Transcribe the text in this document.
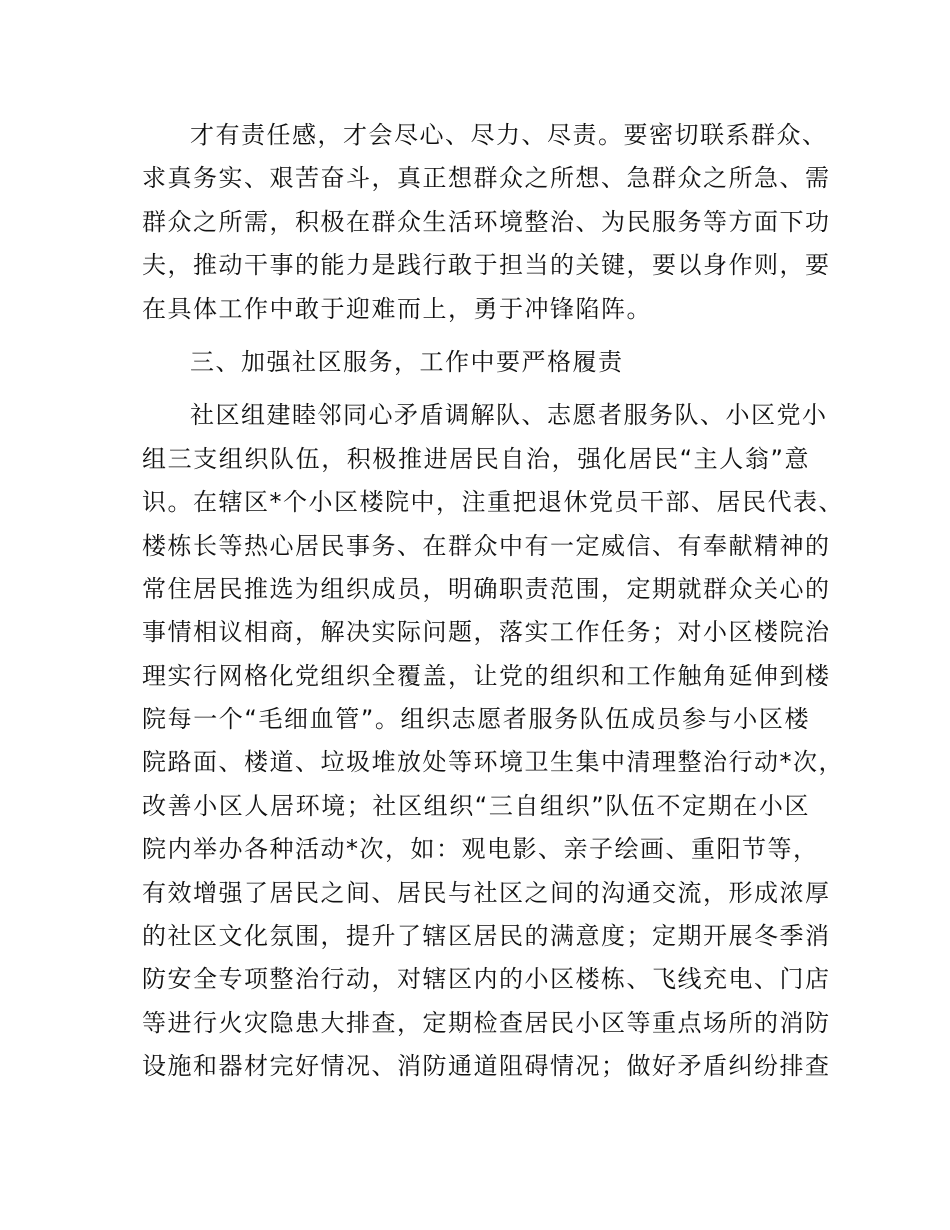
才有责任感，才会尽心、尽力、尽责。要密切联系群众、
求真务实、艰苦奋斗，真正想群众之所想、急群众之所急、需
群众之所需，积极在群众生活环境整治、为民服务等方面下功
夫，推动干事的能力是践行敢于担当的关键，要以身作则，要
在具体工作中敢于迎难而上，勇于冲锋陷阵。
三、加强社区服务，工作中要严格履责
社区组建睦邻同心矛盾调解队、志愿者服务队、小区党小
组三支组织队伍，积极推进居民自治，强化居民“主人翁”意
识。在辖区*个小区楼院中，注重把退休党员干部、居民代表、
楼栋长等热心居民事务、在群众中有一定威信、有奉献精神的
常住居民推选为组织成员，明确职责范围，定期就群众关心的
事情相议相商，解决实际问题，落实工作任务；对小区楼院治
理实行网格化党组织全覆盖，让党的组织和工作触角延伸到楼
院每一个“毛细血管”。组织志愿者服务队伍成员参与小区楼
院路面、楼道、垃圾堆放处等环境卫生集中清理整治行动*次，
改善小区人居环境；社区组织“三自组织”队伍不定期在小区
院内举办各种活动*次，如：观电影、亲子绘画、重阳节等，
有效增强了居民之间、居民与社区之间的沟通交流，形成浓厚
的社区文化氛围，提升了辖区居民的满意度；定期开展冬季消
防安全专项整治行动，对辖区内的小区楼栋、飞线充电、门店
等进行火灾隐患大排查，定期检查居民小区等重点场所的消防
设施和器材完好情况、消防通道阻碍情况；做好矛盾纠纷排查
